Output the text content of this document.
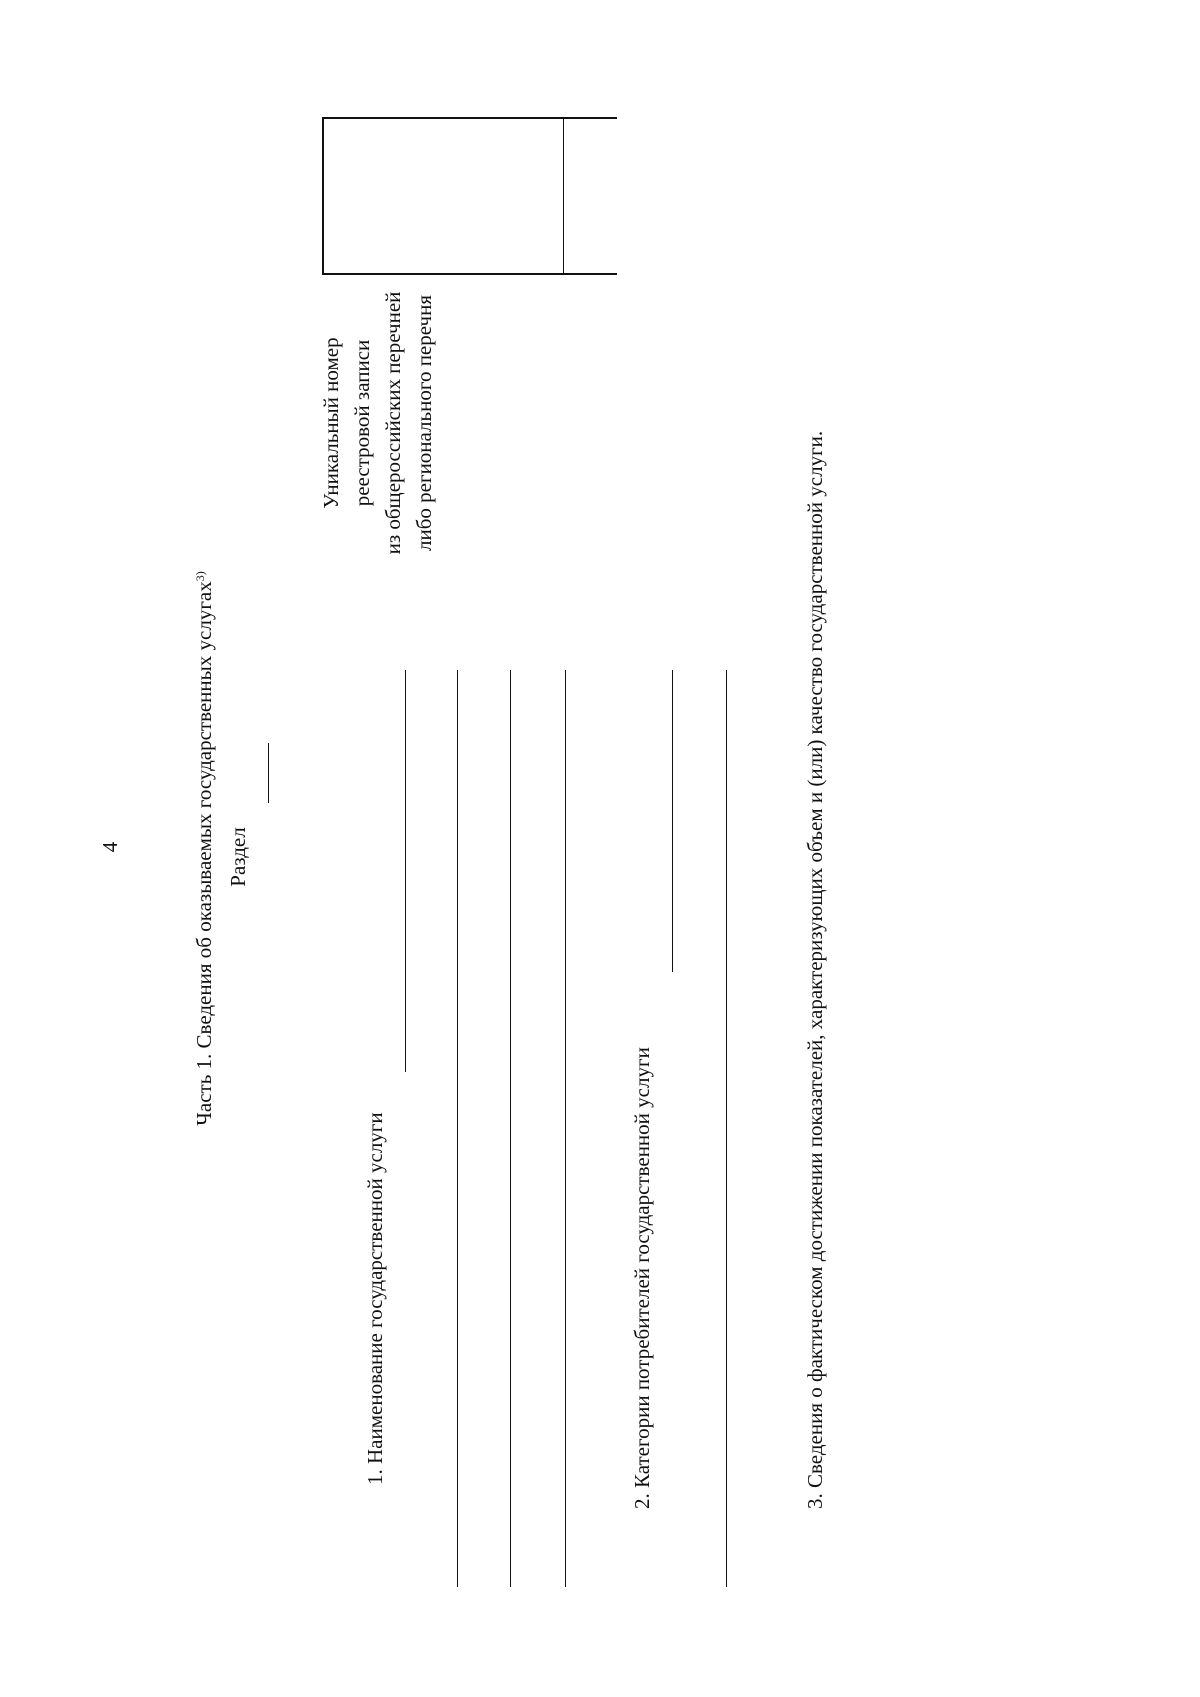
4	Часть 1. Сведения об оказываемых государственных услугах$^{3)}$
Раздел
1. Наименование государственной услуги
Уникальный номер реестровой записи из общероссийских перечней либо регионального перечня
2. Категории потребителей государственной услуги	3. Сведения о фактическом достижении показателей, характеризующих объем и (или) качество государственной услуги.
